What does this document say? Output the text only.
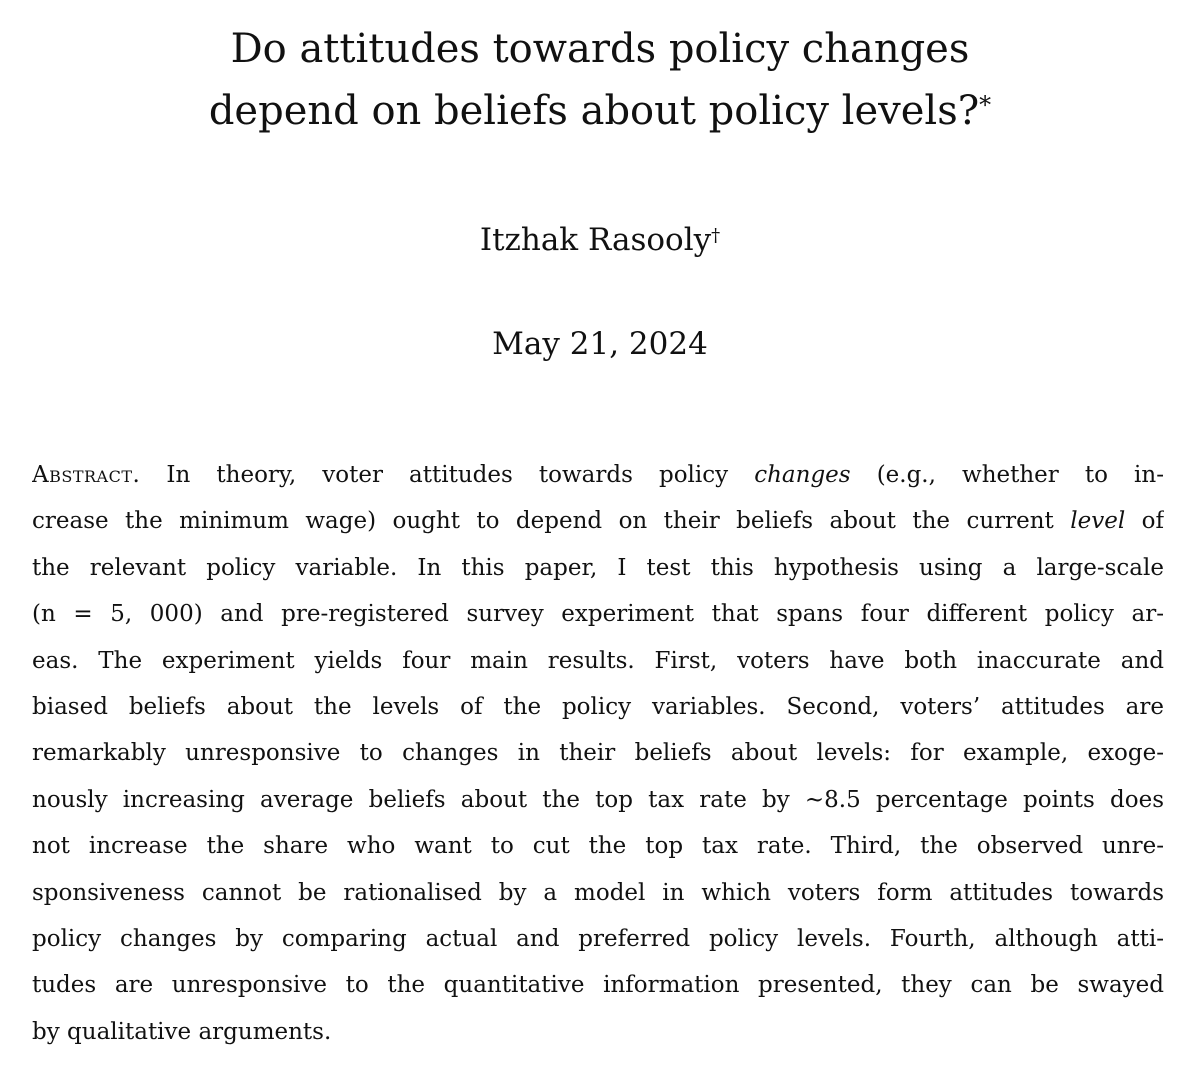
Do attitudes towards policy changes
depend on beliefs about policy levels?*
Itzhak Rasooly†
May 21, 2024
Abstract. In theory, voter attitudes towards policy changes (e.g., whether to in-
crease the minimum wage) ought to depend on their beliefs about the current level of
the relevant policy variable. In this paper, I test this hypothesis using a large-scale
(n = 5, 000) and pre-registered survey experiment that spans four different policy ar-
eas. The experiment yields four main results. First, voters have both inaccurate and
biased beliefs about the levels of the policy variables. Second, voters’ attitudes are
remarkably unresponsive to changes in their beliefs about levels: for example, exoge-
nously increasing average beliefs about the top tax rate by ~8.5 percentage points does
not increase the share who want to cut the top tax rate. Third, the observed unre-
sponsiveness cannot be rationalised by a model in which voters form attitudes towards
policy changes by comparing actual and preferred policy levels. Fourth, although atti-
tudes are unresponsive to the quantitative information presented, they can be swayed
by qualitative arguments.
